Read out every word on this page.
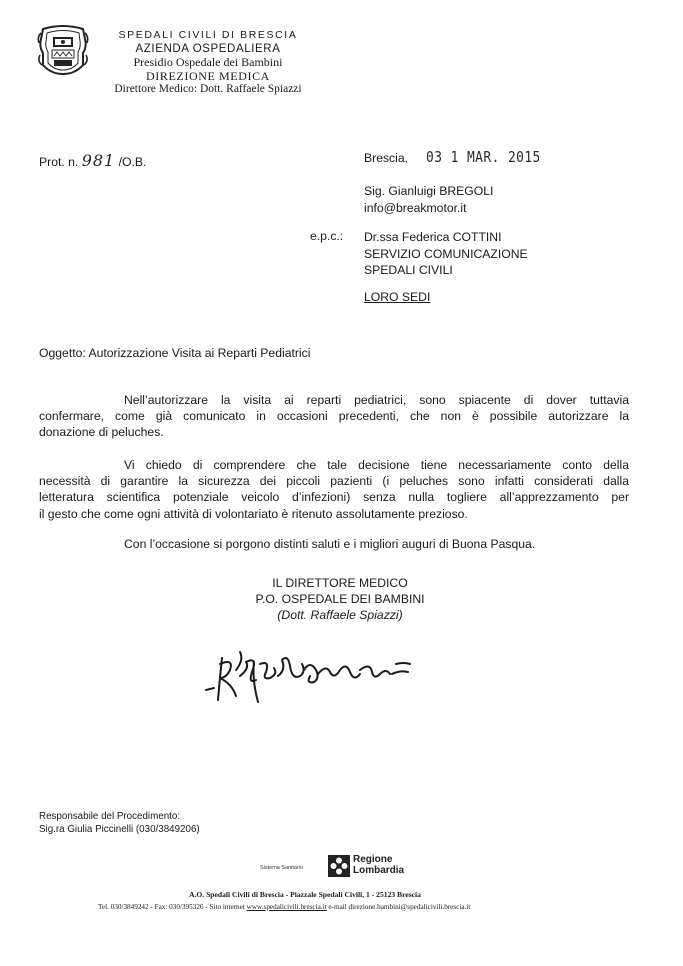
SPEDALI CIVILI DI BRESCIA
AZIENDA OSPEDALIERA
Presidio Ospedale dei Bambini
DIREZIONE MEDICA
Direttore Medico: Dott. Raffaele Spiazzi
Prot. n. 981 /O.B.	Brescia, 03 1 MAR. 2015
Sig. Gianluigi BREGOLI
info@breakmotor.it
e.p.c.: Dr.ssa Federica COTTINI
SERVIZIO COMUNICAZIONE
SPEDALI CIVILI
LORO SEDI
Oggetto: Autorizzazione Visita ai Reparti Pediatrici
Nell’autorizzare la visita ai reparti pediatrici, sono spiacente di dover tuttavia
confermare, come già comunicato in occasioni precedenti, che non è possibile autorizzare la
donazione di peluches.
Vi chiedo di comprendere che tale decisione tiene necessariamente conto della
necessità di garantire la sicurezza dei piccoli pazienti (i peluches sono infatti considerati dalla
letteratura scientifica potenziale veicolo d’infezioni) senza nulla togliere all’apprezzamento per
il gesto che come ogni attività di volontariato è ritenuto assolutamente prezioso.
Con l’occasione si porgono distinti saluti e i migliori auguri di Buona Pasqua.
IL DIRETTORE MEDICO
P.O. OSPEDALE DEI BAMBINI
(Dott. Raffaele Spiazzi)
Responsabile del Procedimento:
Sig.ra Giulia Piccinelli (030/3849206)
Sistema Sanitario
Regione
Lombardia
A.O. Spedali Civili di Brescia - Piazzale Spedali Civili, 1 - 25123 Brescia
Tel. 030/3849242 - Fax: 030/395326 - Sito internet www.spedalicivili.brescia.it e-mail direzione.bambini@spedalicivili.brescia.it
